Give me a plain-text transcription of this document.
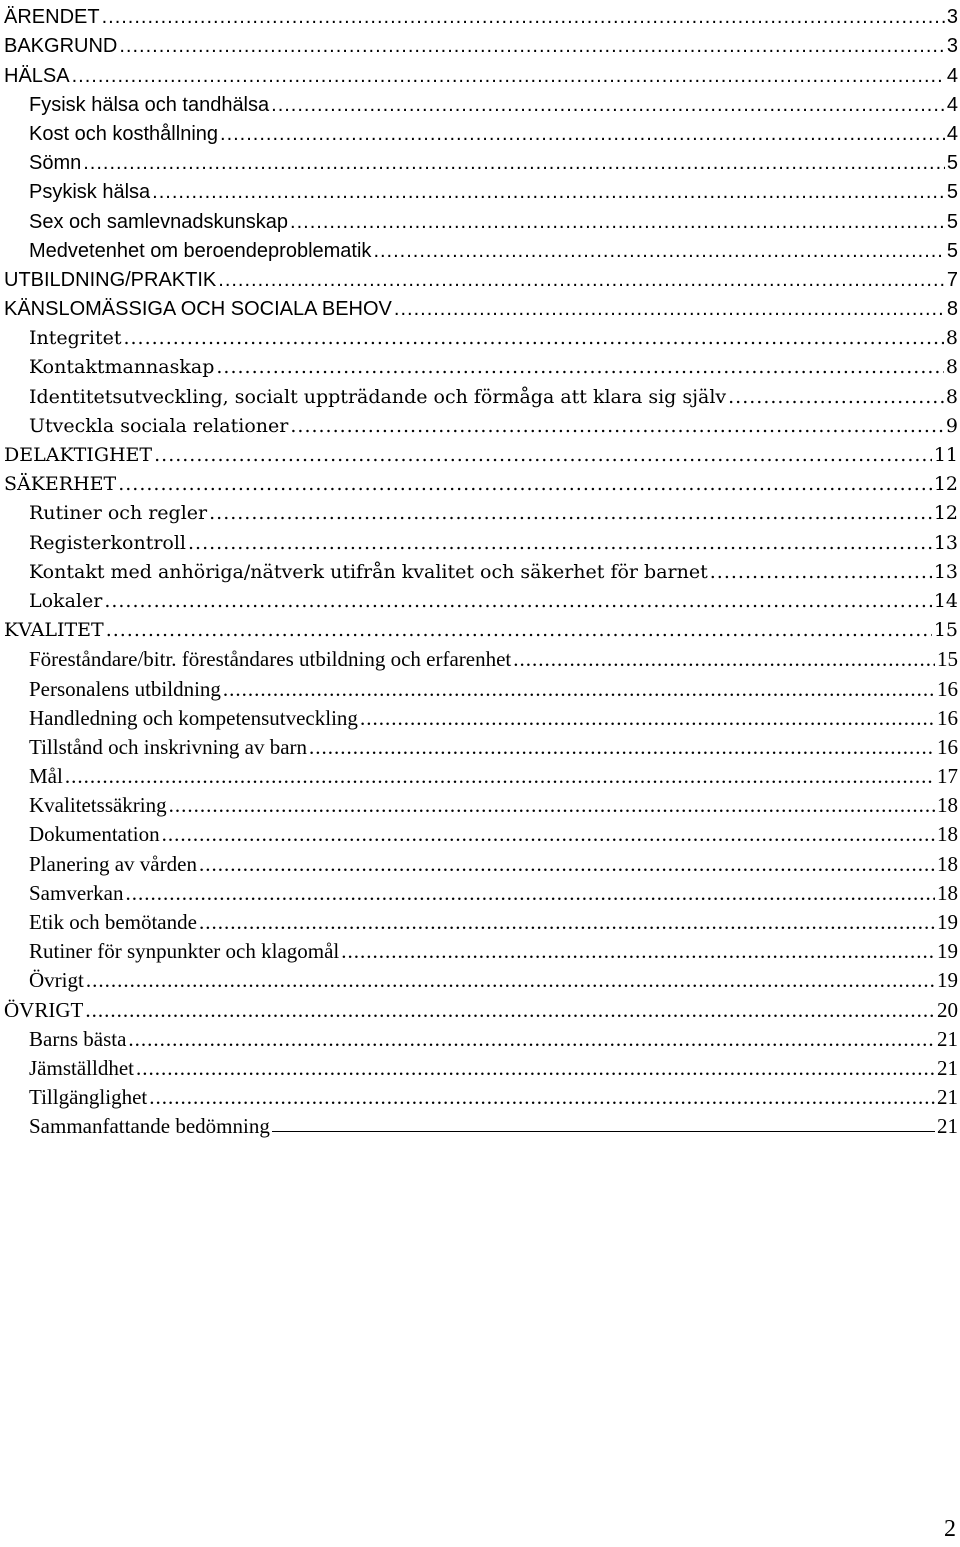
ÄRENDET .....	3
BAKGRUND .....	3
HÄLSA .....	4
Fysisk hälsa och tandhälsa .....	4
Kost och kosthållning .....	4
Sömn .....	5
Psykisk hälsa .....	5
Sex och samlevnadskunskap .....	5
Medvetenhet om beroendeproblematik .....	5
UTBILDNING/PRAKTIK .....	7
KÄNSLOMÄSSIGA OCH SOCIALA BEHOV .....	8
Integritet .....	8
Kontaktmannaskap .....	8
Identitetsutveckling, socialt uppträdande och förmåga att klara sig själv .....	8
Utveckla sociala relationer .....	9
DELAKTIGHET .....	11
SÄKERHET .....	12
Rutiner och regler .....	12
Registerkontroll .....	13
Kontakt med anhöriga/nätverk utifrån kvalitet och säkerhet för barnet .....	13
Lokaler .....	14
KVALITET .....	15
Föreståndare/bitr. föreståndares utbildning och erfarenhet .....	15
Personalens utbildning .....	16
Handledning och kompetensutveckling .....	16
Tillstånd och inskrivning av barn .....	16
Mål .....	17
Kvalitetssäkring .....	18
Dokumentation .....	18
Planering av vården .....	18
Samverkan .....	18
Etik och bemötande .....	19
Rutiner för synpunkter och klagomål .....	19
Övrigt .....	19
ÖVRIGT .....	20
Barns bästa .....	21
Jämställdhet .....	21
Tillgänglighet .....	21
Sammanfattande bedömning	21
2
